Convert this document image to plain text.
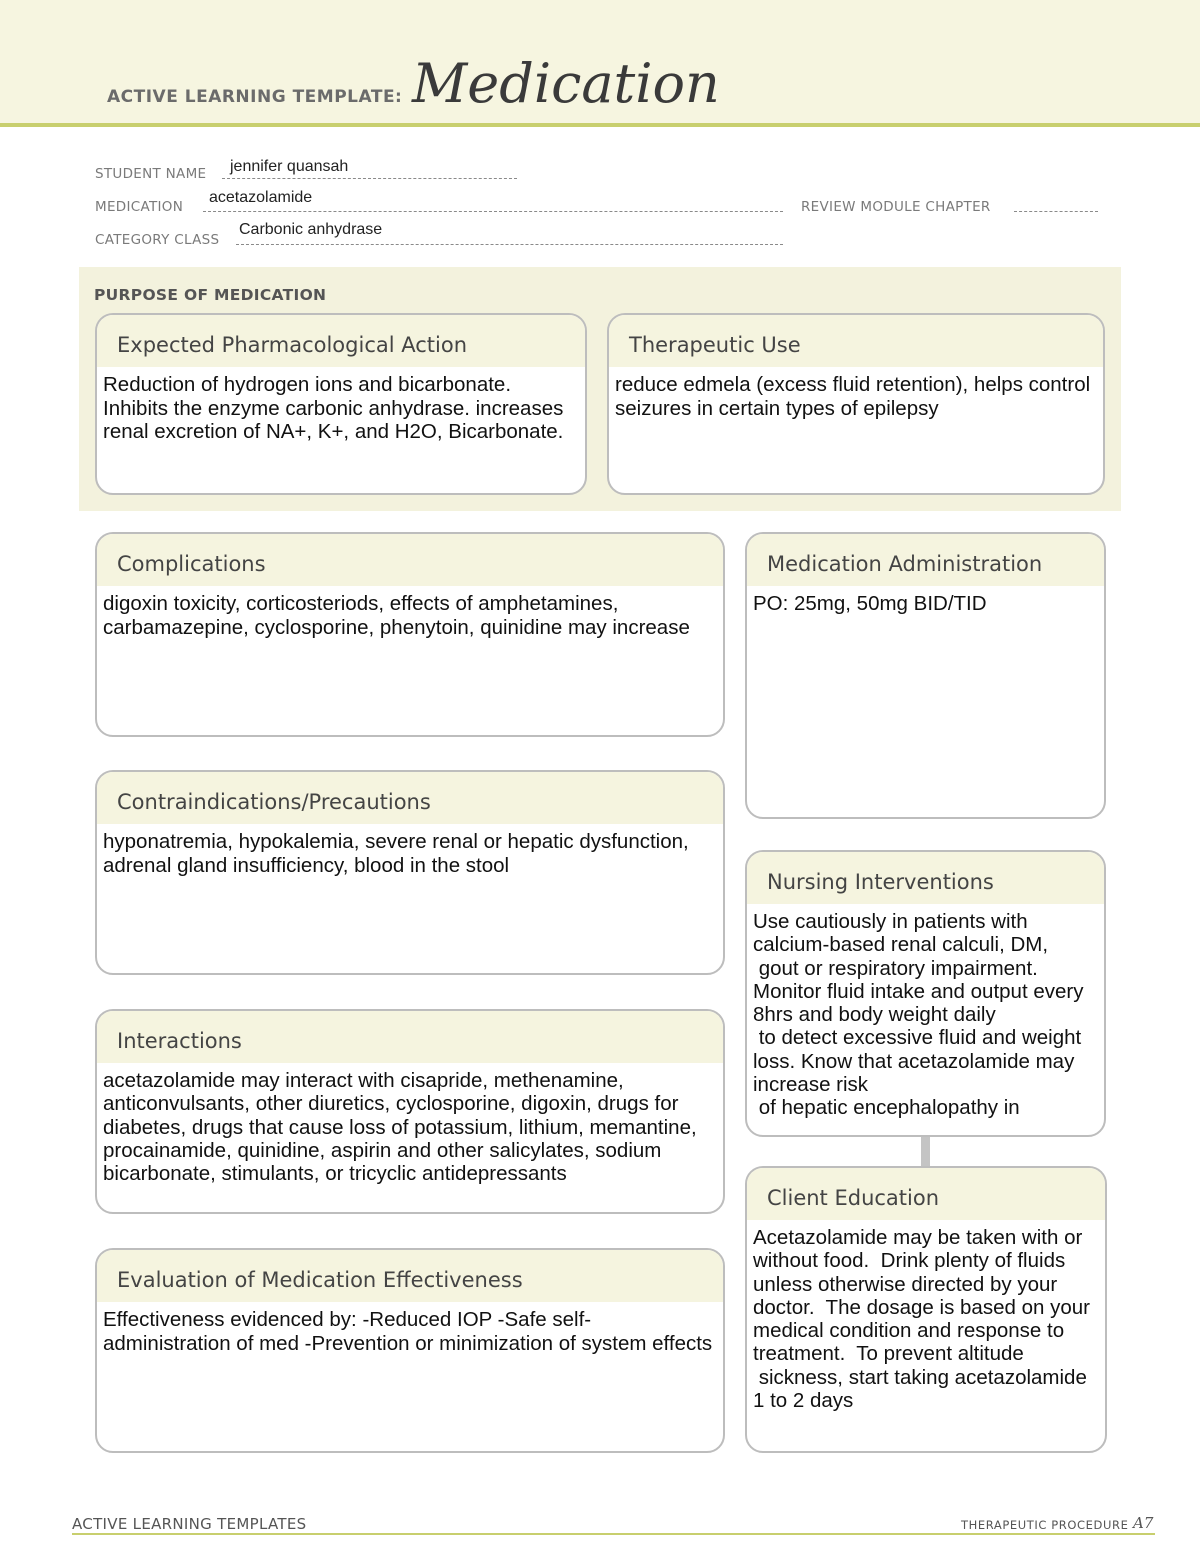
ACTIVE LEARNING TEMPLATE: Medication
STUDENT NAME jennifer quansah
MEDICATION
acetazolamide
REVIEW MODULE CHAPTER
CATEGORY CLASS
Carbonic anhydrase
PURPOSE OF MEDICATION
Expected Pharmacological Action
Reduction of hydrogen ions and bicarbonate. Inhibits the enzyme carbonic anhydrase. increases renal excretion of NA+, K+, and H2O, Bicarbonate.
Therapeutic Use
reduce edmela (excess fluid retention), helps control seizures in certain types of epilepsy
Complications
digoxin toxicity, corticosteriods, effects of amphetamines, carbamazepine, cyclosporine, phenytoin, quinidine may increase
Contraindications/Precautions
hyponatremia, hypokalemia, severe renal or hepatic dysfunction, adrenal gland insufficiency, blood in the stool
Interactions
acetazolamide may interact with cisapride, methenamine, anticonvulsants, other diuretics, cyclosporine, digoxin, drugs for diabetes, drugs that cause loss of potassium, lithium, memantine, procainamide, quinidine, aspirin and other salicylates, sodium bicarbonate, stimulants, or tricyclic antidepressants
Evaluation of Medication Effectiveness
Effectiveness evidenced by: -Reduced IOP -Safe self-administration of med -Prevention or minimization of system effects
Medication Administration
PO: 25mg, 50mg BID/TID
Nursing Interventions
Use cautiously in patients with calcium-based renal calculi, DM,
gout or respiratory impairment. Monitor fluid intake and output every 8hrs and body weight daily
to detect excessive fluid and weight loss. Know that acetazolamide may increase risk
of hepatic encephalopathy in
Client Education
Acetazolamide may be taken with or without food.  Drink plenty of fluids unless otherwise directed by your doctor.  The dosage is based on your medical condition and response to treatment.  To prevent altitude
sickness, start taking acetazolamide 1 to 2 days
ACTIVE LEARNING TEMPLATES	THERAPEUTIC PROCEDURE A7
